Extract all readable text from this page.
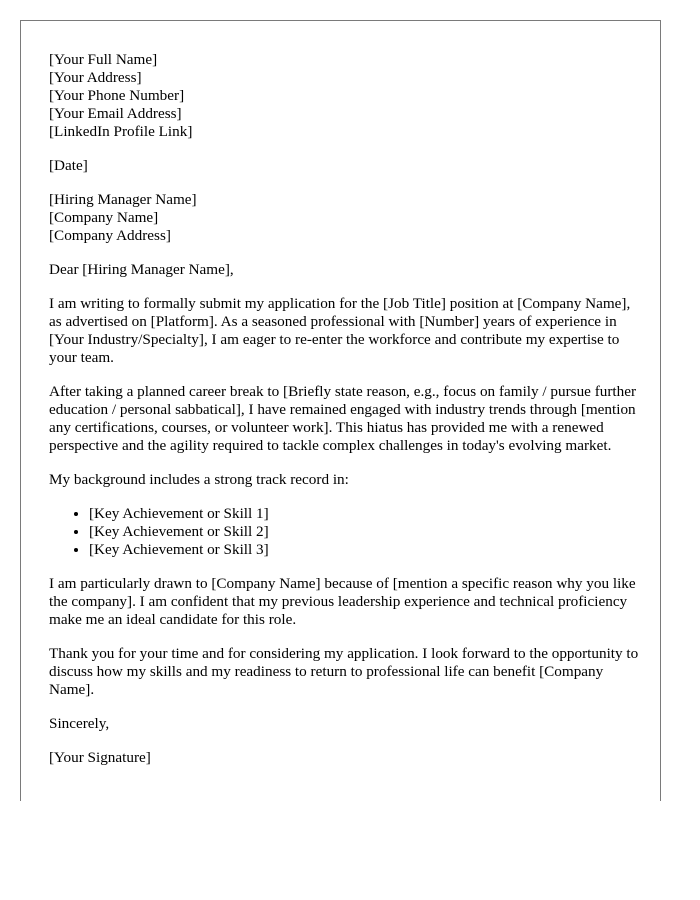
[Your Full Name]
[Your Address]
[Your Phone Number]
[Your Email Address]
[LinkedIn Profile Link]
[Date]
[Hiring Manager Name]
[Company Name]
[Company Address]

Dear [Hiring Manager Name],

I am writing to formally submit my application for the [Job Title] position at [Company Name], as advertised on [Platform]. As a seasoned professional with [Number] years of experience in [Your Industry/Specialty], I am eager to re-enter the workforce and contribute my expertise to your team.

After taking a planned career break to [Briefly state reason, e.g., focus on family / pursue further education / personal sabbatical], I have remained engaged with industry trends through [mention any certifications, courses, or volunteer work]. This hiatus has provided me with a renewed perspective and the agility required to tackle complex challenges in today's evolving market.

My background includes a strong track record in:

• [Key Achievement or Skill 1]
• [Key Achievement or Skill 2]
• [Key Achievement or Skill 3]

I am particularly drawn to [Company Name] because of [mention a specific reason why you like the company]. I am confident that my previous leadership experience and technical proficiency make me an ideal candidate for this role.

Thank you for your time and for considering my application. I look forward to the opportunity to discuss how my skills and my readiness to return to professional life can benefit [Company Name].

Sincerely,

[Your Signature]
